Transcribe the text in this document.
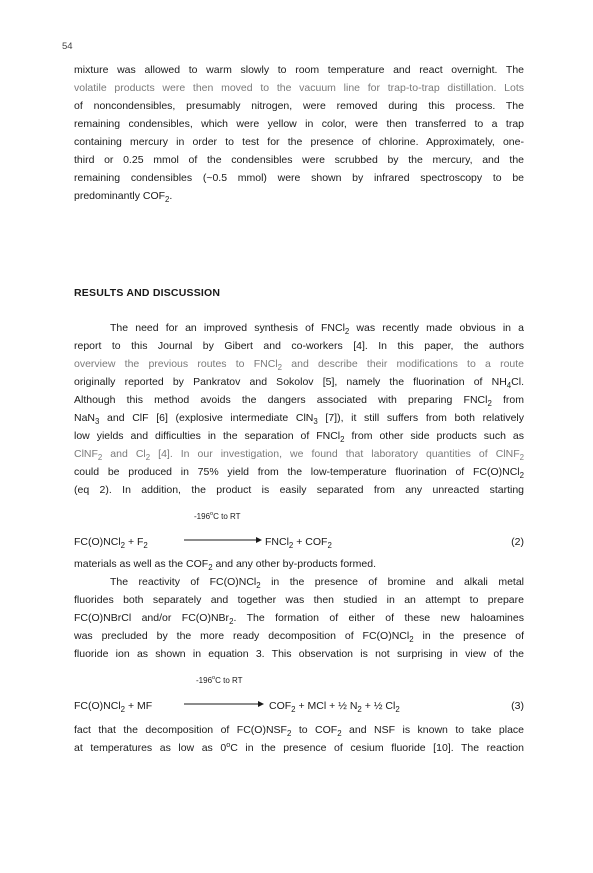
54
mixture was allowed to warm slowly to room temperature and react overnight. The
volatile products were then moved to the vacuum line for trap-to-trap distillation. Lots
of noncondensibles, presumably nitrogen, were removed during this process. The
remaining condensibles, which were yellow in color, were then transferred to a trap
containing mercury in order to test for the presence of chlorine. Approximately, one-
third or 0.25 mmol of the condensibles were scrubbed by the mercury, and the
remaining condensibles (~0.5 mmol) were shown by infrared spectroscopy to be
predominantly $COF_2$.
RESULTS AND DISCUSSION
The need for an improved synthesis of FNCl$_2$ was recently made obvious in a
report to this Journal by Gibert and co-workers [4]. In this paper, the authors
overview the previous routes to FNCl$_2$ and describe their modifications to a route
originally reported by Pankratov and Sokolov [5], namely the fluorination of $NH_4Cl$.
Although this method avoids the dangers associated with preparing FNCl$_2$ from
NaN$_3$ and ClF [6] (explosive intermediate ClN$_3$ [7]), it still suffers from both relatively
low yields and difficulties in the separation of FNCl$_2$ from other side products such as
ClNF$_2$ and $Cl_2$ [4]. In our investigation, we found that laboratory quantities of ClNF$_2$
could be produced in 75% yield from the low-temperature fluorination of FC(O)NCl$_2$
(eq 2). In addition, the product is easily separated from any unreacted starting
$FC(O)NCl_2 + F_2$
-196$^o$C to RT
FNCl$_2$ + $COF_2$	(2)
materials as well as the $COF_2$ and any other by-products formed.
The reactivity of FC(O)NCl$_2$ in the presence of bromine and alkali metal
fluorides both separately and together was then studied in an attempt to prepare
FC(O)NBrCl and/or FC(O)NBr$_2$. The formation of either of these new haloamines
was precluded by the more ready decomposition of FC(O)NCl$_2$ in the presence of
fluoride ion as shown in equation 3. This observation is not surprising in view of the
FC(O)NCl$_2$ + MF
-196$^o$C to RT
$COF_2$ + MCl + ½ $N_2$ + ½ $Cl_2$	(3)
fact that the decomposition of $FC(O)NSF_2$ to $COF_2$ and NSF is known to take place
at temperatures as low as 0$^o$C in the presence of cesium fluoride [10]. The reaction
